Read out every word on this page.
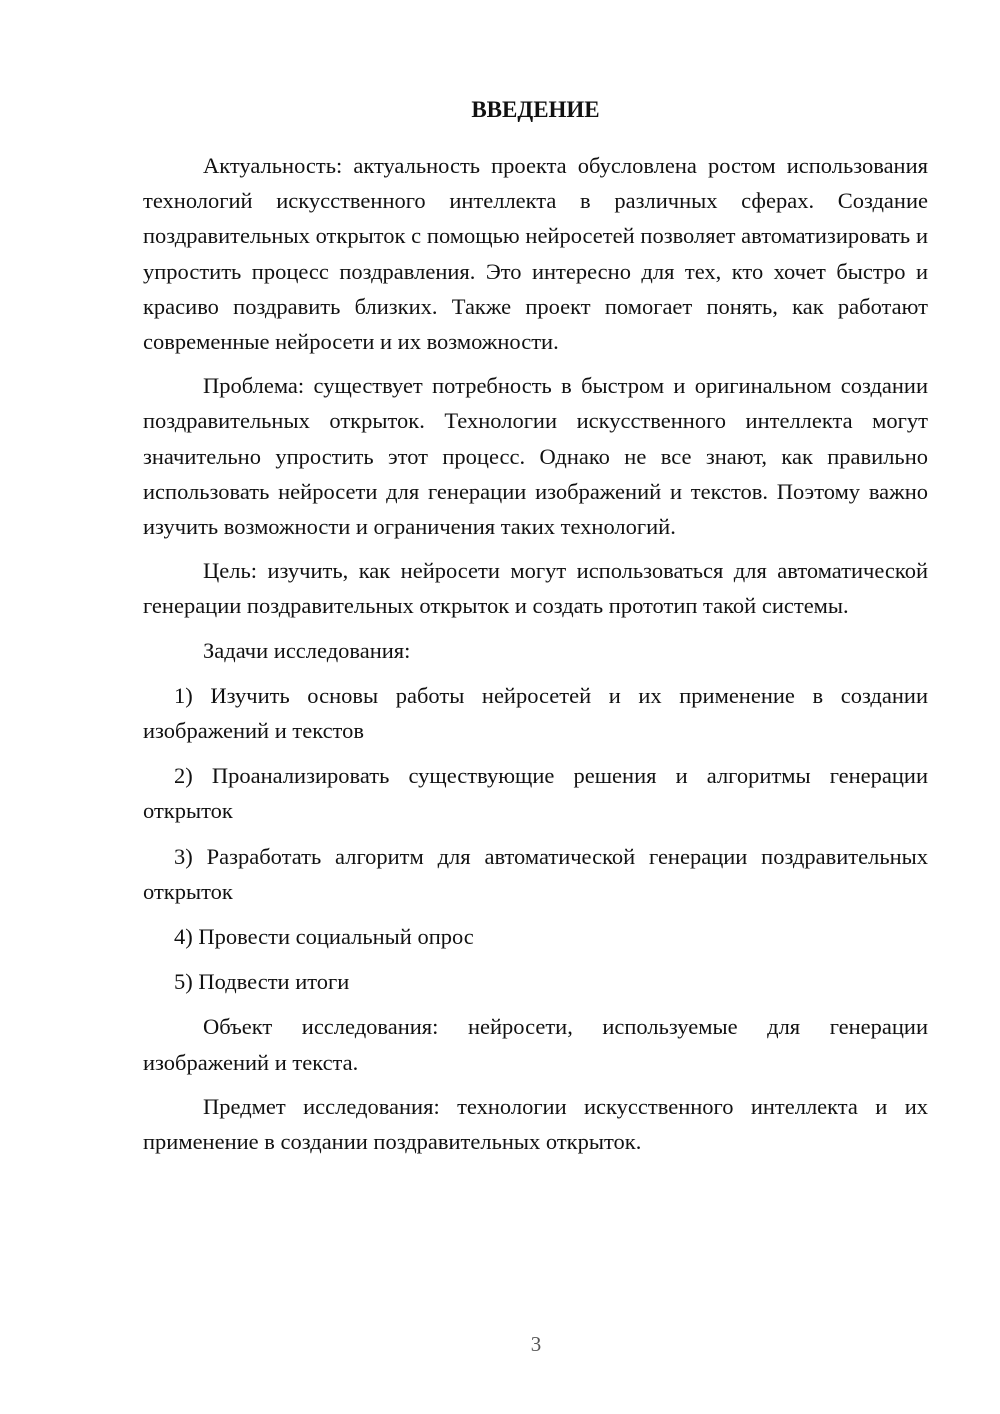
ВВЕДЕНИЕ

Актуальность: актуальность проекта обусловлена ростом использования технологий искусственного интеллекта в различных сферах. Создание поздравительных открыток с помощью нейросетей позволяет автоматизировать и упростить процесс поздравления. Это интересно для тех, кто хочет быстро и красиво поздравить близких. Также проект помогает понять, как работают современные нейросети и их возможности.

Проблема: существует потребность в быстром и оригинальном создании поздравительных открыток. Технологии искусственного интеллекта могут значительно упростить этот процесс. Однако не все знают, как правильно использовать нейросети для генерации изображений и текстов. Поэтому важно изучить возможности и ограничения таких технологий.

Цель: изучить, как нейросети могут использоваться для автоматической генерации поздравительных открыток и создать прототип такой системы.

Задачи исследования:

1) Изучить основы работы нейросетей и их применение в создании изображений и текстов

2) Проанализировать существующие решения и алгоритмы генерации открыток

3) Разработать алгоритм для автоматической генерации поздравительных открыток

4) Провести социальный опрос

5) Подвести итоги

Объект исследования: нейросети, используемые для генерации изображений и текста.

Предмет исследования: технологии искусственного интеллекта и их применение в создании поздравительных открыток.

3
